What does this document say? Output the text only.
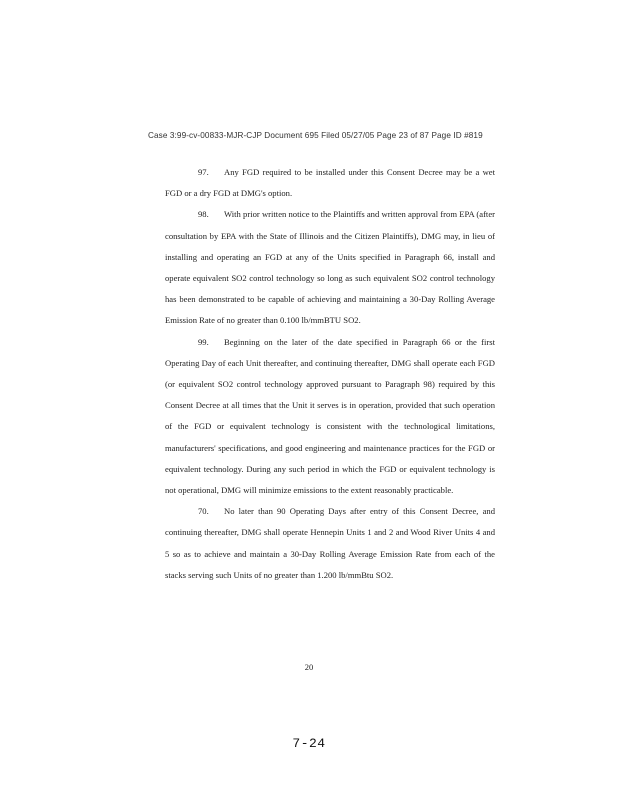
Case 3:99-cv-00833-MJR-CJP Document 695 Filed 05/27/05 Page 23 of 87 Page ID #819

97. Any FGD required to be installed under this Consent Decree may be a wet FGD or a dry FGD at DMG's option.

98. With prior written notice to the Plaintiffs and written approval from EPA (after consultation by EPA with the State of Illinois and the Citizen Plaintiffs), DMG may, in lieu of installing and operating an FGD at any of the Units specified in Paragraph 66, install and operate equivalent SO2 control technology so long as such equivalent SO2 control technology has been demonstrated to be capable of achieving and maintaining a 30-Day Rolling Average Emission Rate of no greater than 0.100 lb/mmBTU SO2.

99. Beginning on the later of the date specified in Paragraph 66 or the first Operating Day of each Unit thereafter, and continuing thereafter, DMG shall operate each FGD (or equivalent SO2 control technology approved pursuant to Paragraph 98) required by this Consent Decree at all times that the Unit it serves is in operation, provided that such operation of the FGD or equivalent technology is consistent with the technological limitations, manufacturers' specifications, and good engineering and maintenance practices for the FGD or equivalent technology. During any such period in which the FGD or equivalent technology is not operational, DMG will minimize emissions to the extent reasonably practicable.

70. No later than 90 Operating Days after entry of this Consent Decree, and continuing thereafter, DMG shall operate Hennepin Units 1 and 2 and Wood River Units 4 and 5 so as to achieve and maintain a 30-Day Rolling Average Emission Rate from each of the stacks serving such Units of no greater than 1.200 lb/mmBtu SO2.

20
7-24
